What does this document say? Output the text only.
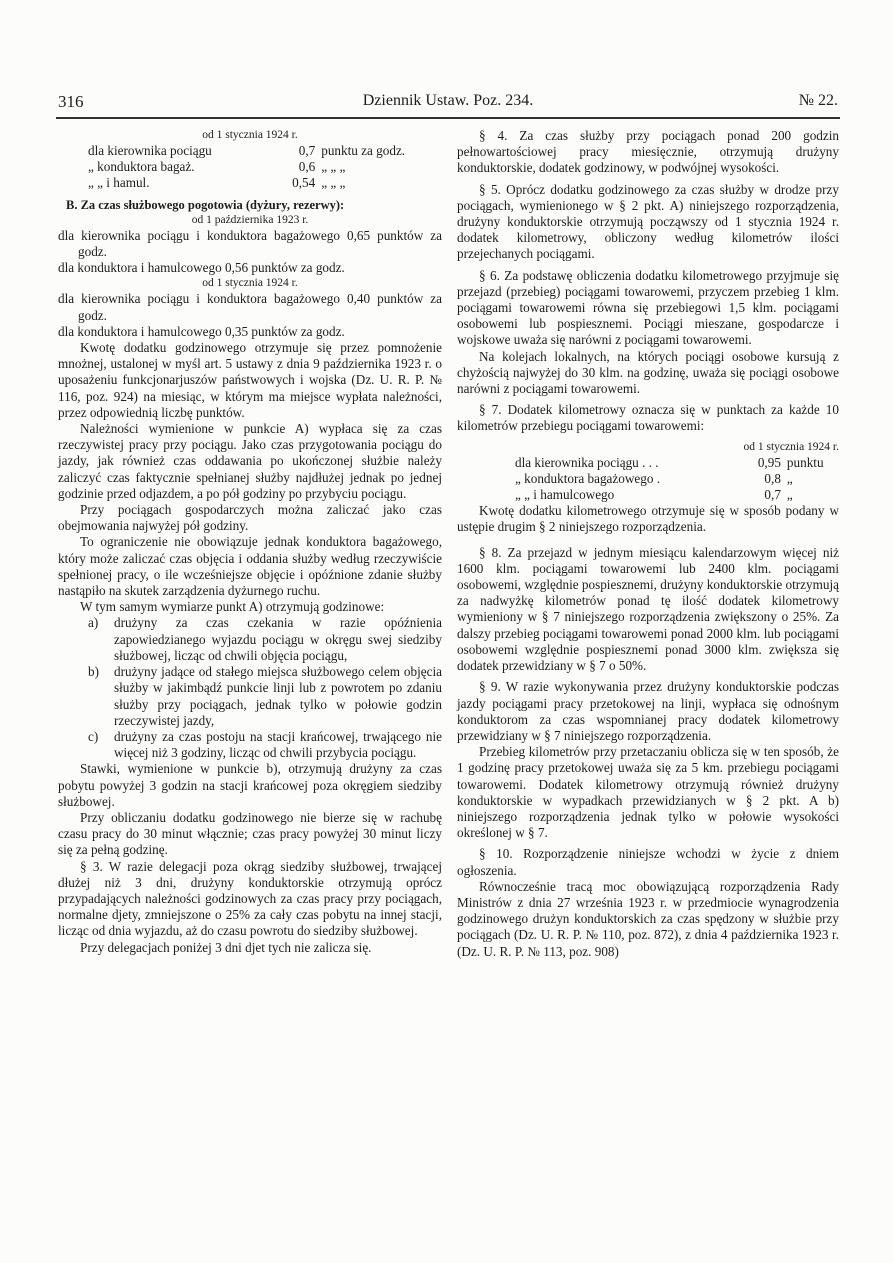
316	Dziennik Ustaw. Poz. 234.	№ 22.

od 1 stycznia 1924 r.

dla kierownika pociągu	0,7	punktu za godz.
„ konduktora bagaż.	0,6	„ „ „
„ „ i hamul.	0,54	„ „ „

B. Za czas służbowego pogotowia (dyżury, rezerwy):

od 1 października 1923 r.

dla kierownika pociągu i konduktora bagażowego 0,65 punktów za godz.

dla konduktora i hamulcowego 0,56 punktów za godz.

od 1 stycznia 1924 r.

dla kierownika pociągu i konduktora bagażowego 0,40 punktów za godz.

dla konduktora i hamulcowego 0,35 punktów za godz.

Kwotę dodatku godzinowego otrzymuje się przez pomnożenie mnożnej, ustalonej w myśl art. 5 ustawy z dnia 9 października 1923 r. o uposażeniu funkcjonarjuszów państwowych i wojska (Dz. U. R. P. № 116, poz. 924) na miesiąc, w którym ma miejsce wypłata należności, przez odpowiednią liczbę punktów.

Należności wymienione w punkcie A) wypłaca się za czas rzeczywistej pracy przy pociągu. Jako czas przygotowania pociągu do jazdy, jak również czas oddawania po ukończonej służbie należy zaliczyć czas faktycznie spełnianej służby najdłużej jednak po jednej godzinie przed odjazdem, a po pół godziny po przybyciu pociągu.

Przy pociągach gospodarczych można zaliczać jako czas obejmowania najwyżej pół godziny.

To ograniczenie nie obowiązuje jednak konduktora bagażowego, który może zaliczać czas objęcia i oddania służby według rzeczywiście spełnionej pracy, o ile wcześniejsze objęcie i opóźnione zdanie służby nastąpiło na skutek zarządzenia dyżurnego ruchu.

W tym samym wymiarze punkt A) otrzymują godzinowe:

a)	drużyny za czas czekania w razie opóźnienia zapowiedzianego wyjazdu pociągu w okręgu swej siedziby służbowej, licząc od chwili objęcia pociągu,
b)	drużyny jadące od stałego miejsca służbowego celem objęcia służby w jakimbądź punkcie linji lub z powrotem po zdaniu służby przy pociągach, jednak tylko w połowie godzin rzeczywistej jazdy,
c)	drużyny za czas postoju na stacji krańcowej, trwającego nie więcej niż 3 godziny, licząc od chwili przybycia pociągu.

Stawki, wymienione w punkcie b), otrzymują drużyny za czas pobytu powyżej 3 godzin na stacji krańcowej poza okręgiem siedziby służbowej.

Przy obliczaniu dodatku godzinowego nie bierze się w rachubę czasu pracy do 30 minut włącznie; czas pracy powyżej 30 minut liczy się za pełną godzinę.

§ 3. W razie delegacji poza okrąg siedziby służbowej, trwającej dłużej niż 3 dni, drużyny konduktorskie otrzymują oprócz przypadających należności godzinowych za czas pracy przy pociągach, normalne djety, zmniejszone o 25% za cały czas pobytu na innej stacji, licząc od dnia wyjazdu, aż do czasu powrotu do siedziby służbowej.

Przy delegacjach poniżej 3 dni djet tych nie zalicza się.

§ 4. Za czas służby przy pociągach ponad 200 godzin pełnowartościowej pracy miesięcznie, otrzymują drużyny konduktorskie, dodatek godzinowy, w podwójnej wysokości.

§ 5. Oprócz dodatku godzinowego za czas służby w drodze przy pociągach, wymienionego w § 2 pkt. A) niniejszego rozporządzenia, drużyny konduktorskie otrzymują począwszy od 1 stycznia 1924 r. dodatek kilometrowy, obliczony według kilometrów ilości przejechanych pociągami.

§ 6. Za podstawę obliczenia dodatku kilometrowego przyjmuje się przejazd (przebieg) pociągami towarowemi, przyczem przebieg 1 klm. pociągami towarowemi równa się przebiegowi 1,5 klm. pociągami osobowemi lub pospiesznemi. Pociągi mieszane, gospodarcze i wojskowe uważa się narówni z pociągami towarowemi.

Na kolejach lokalnych, na których pociągi osobowe kursują z chyżością najwyżej do 30 klm. na godzinę, uważa się pociągi osobowe narówni z pociągami towarowemi.

§ 7. Dodatek kilometrowy oznacza się w punktach za każde 10 kilometrów przebiegu pociągami towarowemi:

od 1 stycznia 1924 r.

dla kierownika pociągu . . .	0,95	punktu
„ konduktora bagażowego .	0,8	„
„ „ i hamulcowego	0,7	„

Kwotę dodatku kilometrowego otrzymuje się w sposób podany w ustępie drugim § 2 niniejszego rozporządzenia.

§ 8. Za przejazd w jednym miesiącu kalendarzowym więcej niż 1600 klm. pociągami towarowemi lub 2400 klm. pociągami osobowemi, względnie pospiesznemi, drużyny konduktorskie otrzymują za nadwyżkę kilometrów ponad tę ilość dodatek kilometrowy wymieniony w § 7 niniejszego rozporządzenia zwiększony o 25%. Za dalszy przebieg pociągami towarowemi ponad 2000 klm. lub pociągami osobowemi względnie pospiesznemi ponad 3000 klm. zwiększa się dodatek przewidziany w § 7 o 50%.

§ 9. W razie wykonywania przez drużyny konduktorskie podczas jazdy pociągami pracy przetokowej na linji, wypłaca się odnośnym konduktorom za czas wspomnianej pracy dodatek kilometrowy przewidziany w § 7 niniejszego rozporządzenia.

Przebieg kilometrów przy przetaczaniu oblicza się w ten sposób, że 1 godzinę pracy przetokowej uważa się za 5 km. przebiegu pociągami towarowemi. Dodatek kilometrowy otrzymują również drużyny konduktorskie w wypadkach przewidzianych w § 2 pkt. A b) niniejszego rozporządzenia jednak tylko w połowie wysokości określonej w § 7.

§ 10. Rozporządzenie niniejsze wchodzi w życie z dniem ogłoszenia.

Równocześnie tracą moc obowiązującą rozporządzenia Rady Ministrów z dnia 27 września 1923 r. w przedmiocie wynagrodzenia godzinowego drużyn konduktorskich za czas spędzony w służbie przy pociągach (Dz. U. R. P. № 110, poz. 872), z dnia 4 października 1923 r. (Dz. U. R. P. № 113, poz. 908)
